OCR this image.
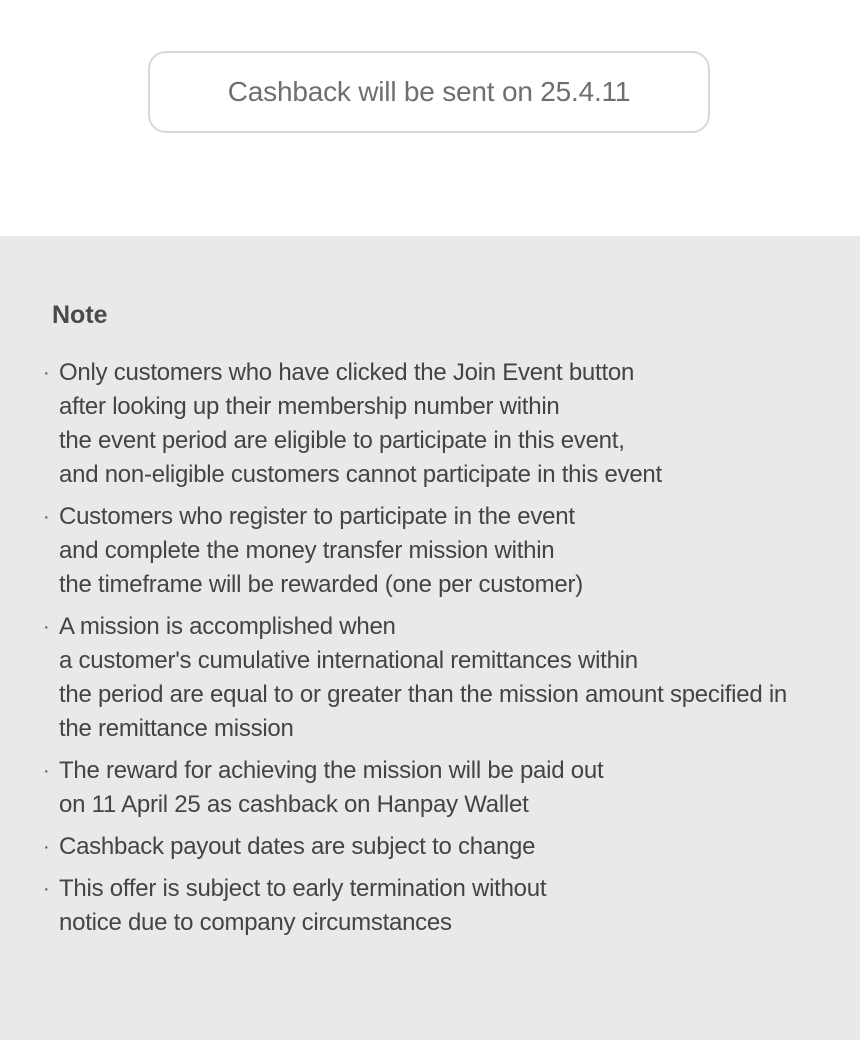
Cashback will be sent on 25.4.11
Note
· Only customers who have clicked the Join Event button
after looking up their membership number within
the event period are eligible to participate in this event,
and non-eligible customers cannot participate in this event
· Customers who register to participate in the event
and complete the money transfer mission within
the timeframe will be rewarded (one per customer)
· A mission is accomplished when
a customer's cumulative international remittances within
the period are equal to or greater than the mission amount specified in
the remittance mission
· The reward for achieving the mission will be paid out
on 11 April 25 as cashback on Hanpay Wallet
· Cashback payout dates are subject to change
· This offer is subject to early termination without
notice due to company circumstances
